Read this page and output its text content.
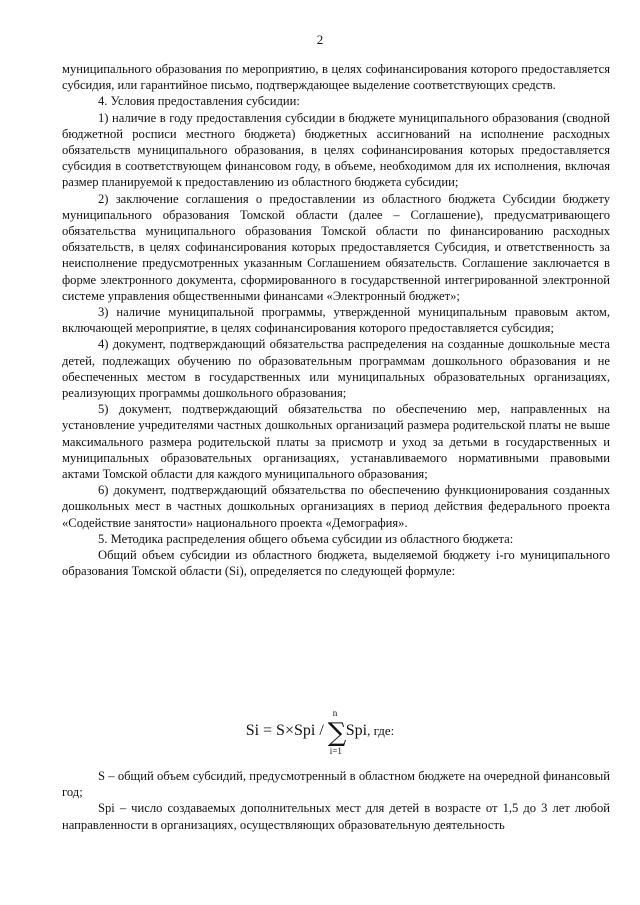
2

муниципального образования по мероприятию, в целях софинансирования которого предоставляется субсидия, или гарантийное письмо, подтверждающее выделение соответствующих средств.

4. Условия предоставления субсидии:

1) наличие в году предоставления субсидии в бюджете муниципального образования (сводной бюджетной росписи местного бюджета) бюджетных ассигнований на исполнение расходных обязательств муниципального образования, в целях софинансирования которых предоставляется субсидия в соответствующем финансовом году, в объеме, необходимом для их исполнения, включая размер планируемой к предоставлению из областного бюджета субсидии;

2) заключение соглашения о предоставлении из областного бюджета Субсидии бюджету муниципального образования Томской области (далее – Соглашение), предусматривающего обязательства муниципального образования Томской области по финансированию расходных обязательств, в целях софинансирования которых предоставляется Субсидия, и ответственность за неисполнение предусмотренных указанным Соглашением обязательств. Соглашение заключается в форме электронного документа, сформированного в государственной интегрированной электронной системе управления общественными финансами «Электронный бюджет»;

3) наличие муниципальной программы, утвержденной муниципальным правовым актом, включающей мероприятие, в целях софинансирования которого предоставляется субсидия;

4) документ, подтверждающий обязательства распределения на созданные дошкольные места детей, подлежащих обучению по образовательным программам дошкольного образования и не обеспеченных местом в государственных или муниципальных образовательных организациях, реализующих программы дошкольного образования;

5) документ, подтверждающий обязательства по обеспечению мер, направленных на установление учредителями частных дошкольных организаций размера родительской платы не выше максимального размера родительской платы за присмотр и уход за детьми в государственных и муниципальных образовательных организациях, устанавливаемого нормативными правовыми актами Томской области для каждого муниципального образования;

6) документ, подтверждающий обязательства по обеспечению функционирования созданных дошкольных мест в частных дошкольных организациях в период действия федерального проекта «Содействие занятости» национального проекта «Демография».

5. Методика распределения общего объема субсидии из областного бюджета:

Общий объем субсидии из областного бюджета, выделяемой бюджету i-го муниципального образования Томской области (Si), определяется по следующей формуле:

Si = S×Spi /
n
∑
i=1
Spi, где:

S – общий объем субсидий, предусмотренный в областном бюджете на очередной финансовый год;

Spi – число создаваемых дополнительных мест для детей в возрасте от 1,5 до 3 лет любой направленности в организациях, осуществляющих образовательную деятельность
